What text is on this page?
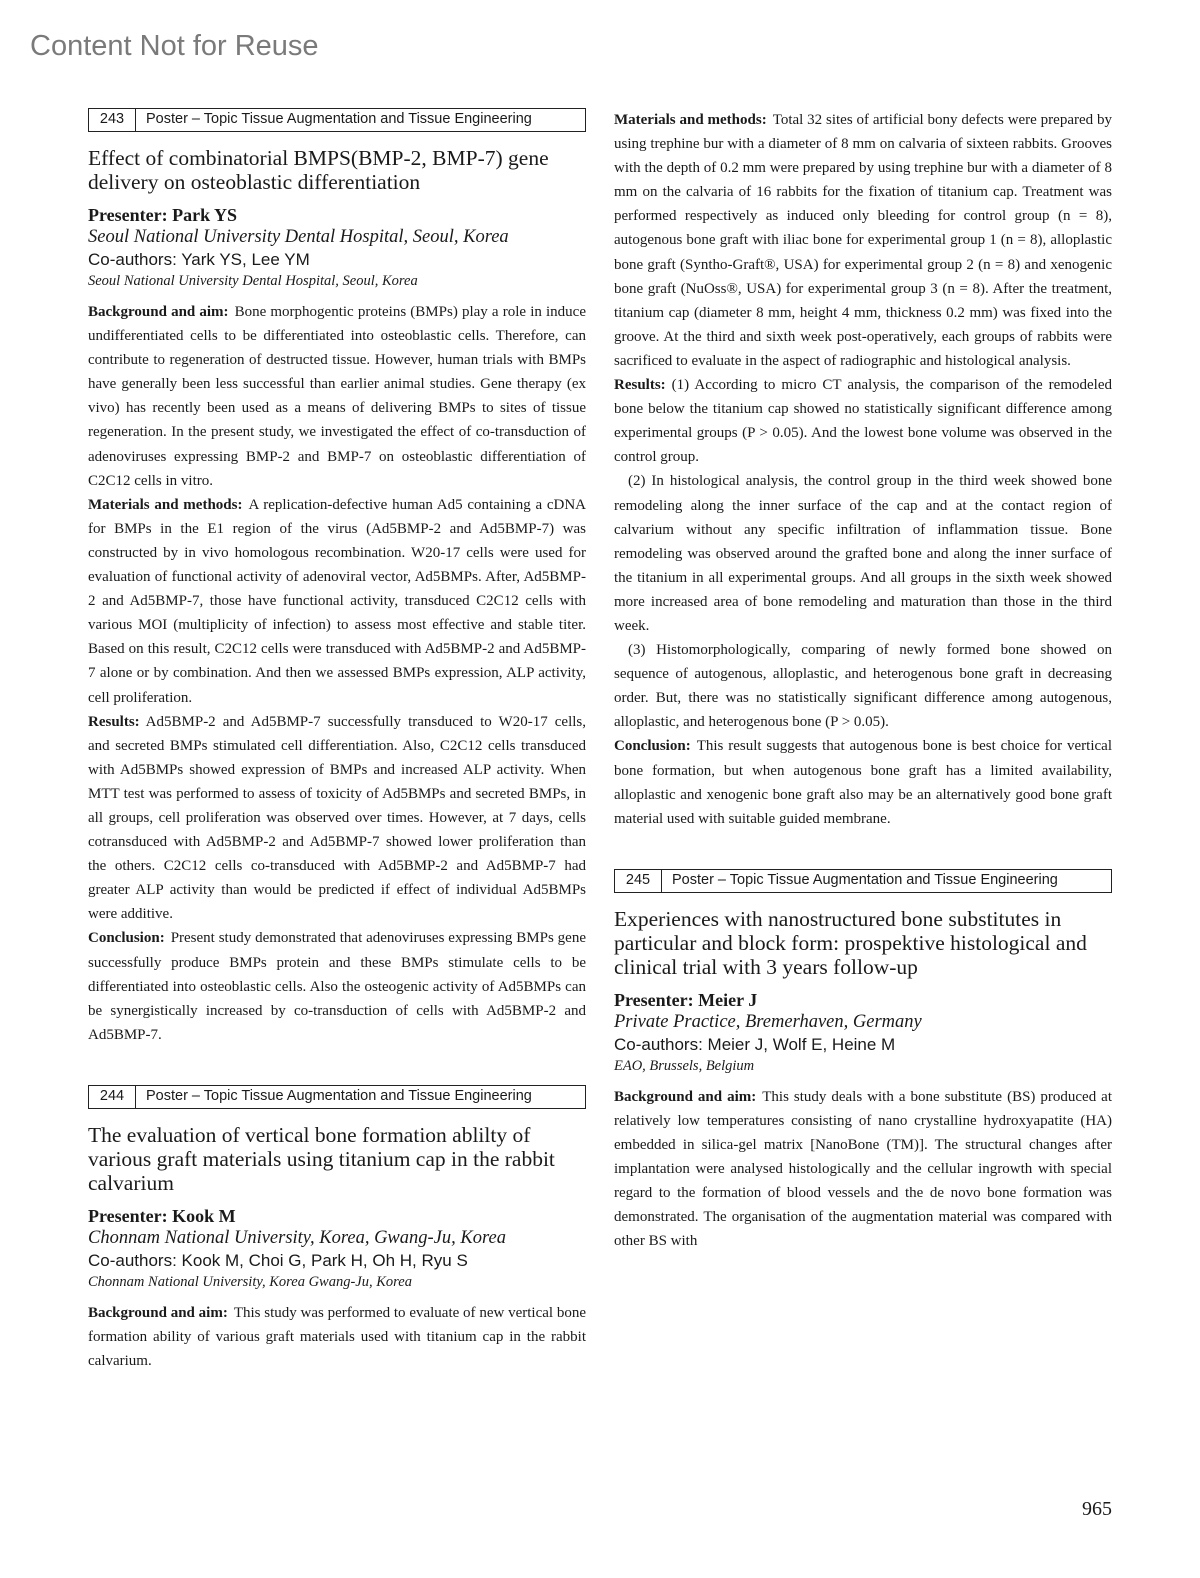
Content Not for Reuse
243	Poster – Topic Tissue Augmentation and Tissue Engineering
Effect of combinatorial BMPS(BMP-2, BMP-7) gene delivery on osteoblastic differentiation
Presenter: Park YS
Seoul National University Dental Hospital, Seoul, Korea
Co-authors: Yark YS, Lee YM
Seoul National University Dental Hospital, Seoul, Korea

Background and aim: Bone morphogentic proteins (BMPs) play a role in induce undifferentiated cells to be differentiated into osteoblastic cells. Therefore, can contribute to regeneration of destructed tissue. However, human trials with BMPs have generally been less successful than earlier animal studies. Gene therapy (ex vivo) has recently been used as a means of delivering BMPs to sites of tissue regeneration. In the present study, we investigated the effect of co-transduction of adenoviruses expressing BMP-2 and BMP-7 on osteoblastic differentiation of C2C12 cells in vitro.

Materials and methods: A replication-defective human Ad5 containing a cDNA for BMPs in the E1 region of the virus (Ad5BMP-2 and Ad5BMP-7) was constructed by in vivo homologous recombination. W20-17 cells were used for evaluation of functional activity of adenoviral vector, Ad5BMPs. After, Ad5BMP-2 and Ad5BMP-7, those have functional activity, transduced C2C12 cells with various MOI (multiplicity of infection) to assess most effective and stable titer. Based on this result, C2C12 cells were transduced with Ad5BMP-2 and Ad5BMP-7 alone or by combination. And then we assessed BMPs expression, ALP activity, cell proliferation.

Results: Ad5BMP-2 and Ad5BMP-7 successfully transduced to W20-17 cells, and secreted BMPs stimulated cell differentiation. Also, C2C12 cells transduced with Ad5BMPs showed expression of BMPs and increased ALP activity. When MTT test was performed to assess of toxicity of Ad5BMPs and secreted BMPs, in all groups, cell proliferation was observed over times. However, at 7 days, cells cotransduced with Ad5BMP-2 and Ad5BMP-7 showed lower proliferation than the others. C2C12 cells co-transduced with Ad5BMP-2 and Ad5BMP-7 had greater ALP activity than would be predicted if effect of individual Ad5BMPs were additive.

Conclusion: Present study demonstrated that adenoviruses expressing BMPs gene successfully produce BMPs protein and these BMPs stimulate cells to be differentiated into osteoblastic cells. Also the osteogenic activity of Ad5BMPs can be synergistically increased by co-transduction of cells with Ad5BMP-2 and Ad5BMP-7.

244	Poster – Topic Tissue Augmentation and Tissue Engineering
The evaluation of vertical bone formation ablilty of various graft materials using titanium cap in the rabbit calvarium
Presenter: Kook M
Chonnam National University, Korea, Gwang-Ju, Korea
Co-authors: Kook M, Choi G, Park H, Oh H, Ryu S
Chonnam National University, Korea Gwang-Ju, Korea

Background and aim: This study was performed to evaluate of new vertical bone formation ability of various graft materials used with titanium cap in the rabbit calvarium.

Materials and methods: Total 32 sites of artificial bony defects were prepared by using trephine bur with a diameter of 8 mm on calvaria of sixteen rabbits. Grooves with the depth of 0.2 mm were prepared by using trephine bur with a diameter of 8 mm on the calvaria of 16 rabbits for the fixation of titanium cap. Treatment was performed respectively as induced only bleeding for control group (n = 8), autogenous bone graft with iliac bone for experimental group 1 (n = 8), alloplastic bone graft (Syntho-Graft®, USA) for experimental group 2 (n = 8) and xenogenic bone graft (NuOss®, USA) for experimental group 3 (n = 8). After the treatment, titanium cap (diameter 8 mm, height 4 mm, thickness 0.2 mm) was fixed into the groove. At the third and sixth week post-operatively, each groups of rabbits were sacrificed to evaluate in the aspect of radiographic and histological analysis.

Results: (1) According to micro CT analysis, the comparison of the remodeled bone below the titanium cap showed no statistically significant difference among experimental groups (P > 0.05). And the lowest bone volume was observed in the control group.

(2) In histological analysis, the control group in the third week showed bone remodeling along the inner surface of the cap and at the contact region of calvarium without any specific infiltration of inflammation tissue. Bone remodeling was observed around the grafted bone and along the inner surface of the titanium in all experimental groups. And all groups in the sixth week showed more increased area of bone remodeling and maturation than those in the third week.

(3) Histomorphologically, comparing of newly formed bone showed on sequence of autogenous, alloplastic, and heterogenous bone graft in decreasing order. But, there was no statistically significant difference among autogenous, alloplastic, and heterogenous bone (P > 0.05).

Conclusion: This result suggests that autogenous bone is best choice for vertical bone formation, but when autogenous bone graft has a limited availability, alloplastic and xenogenic bone graft also may be an alternatively good bone graft material used with suitable guided membrane.

245	Poster – Topic Tissue Augmentation and Tissue Engineering
Experiences with nanostructured bone substitutes in particular and block form: prospektive histological and clinical trial with 3 years follow-up
Presenter: Meier J
Private Practice, Bremerhaven, Germany
Co-authors: Meier J, Wolf E, Heine M
EAO, Brussels, Belgium

Background and aim: This study deals with a bone substitute (BS) produced at relatively low temperatures consisting of nano crystalline hydroxyapatite (HA) embedded in silica-gel matrix [NanoBone (TM)]. The structural changes after implantation were analysed histologically and the cellular ingrowth with special regard to the formation of blood vessels and the de novo bone formation was demonstrated. The organisation of the augmentation material was compared with other BS with

965
